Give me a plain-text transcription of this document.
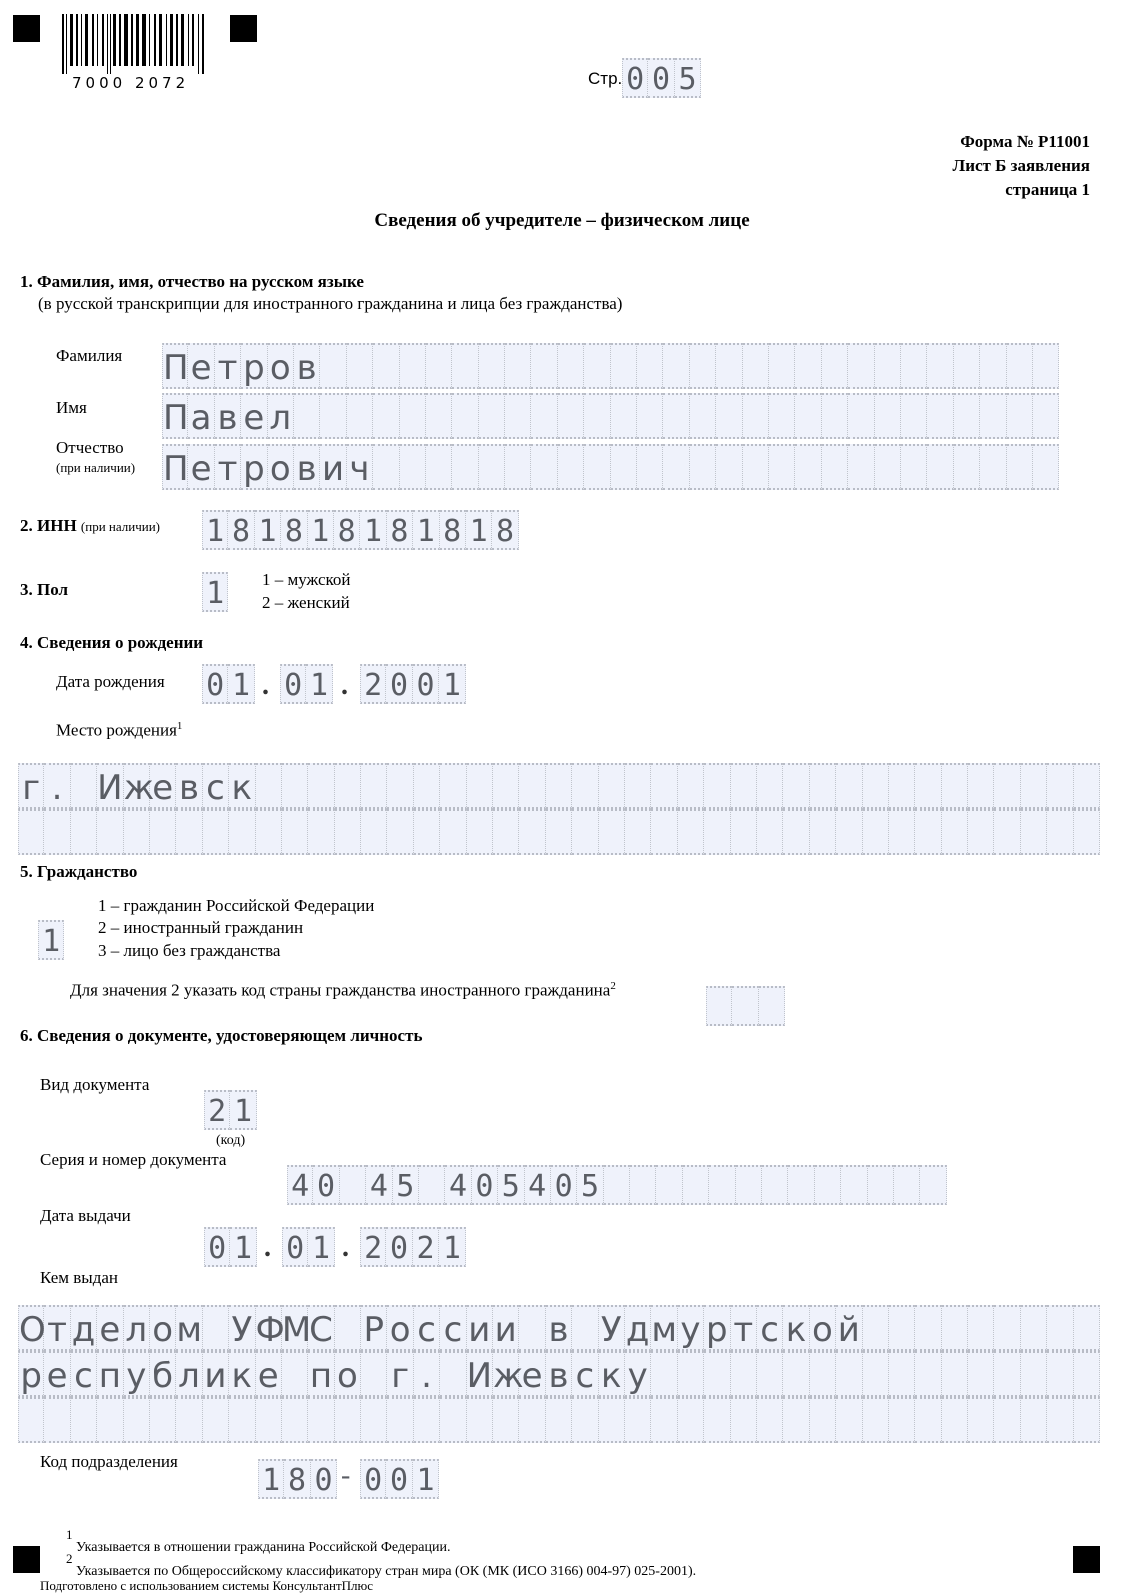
7000 2072	Стр. 0 0 5
Форма № Р11001
Лист Б заявления
страница 1
Сведения об учредителе – физическом лице
1. Фамилия, имя, отчество на русском языке
(в русской транскрипции для иностранного гражданина и лица без гражданства)
Фамилия П е т р о в
Имя П а в е л
Отчество
(при наличии) П е т р о в и ч
2. ИНН (при наличии) 1 8 1 8 1 8 1 8 1 8 1 8
3. Пол	1 1 – мужской
2 – женский
4. Сведения о рождении
Дата рождения 0 1 . 0 1 . 2 0 0 1
Место рождения$^1$
г . И ж
е в с к
5. Гражданство
1
1 – гражданин Российской Федерации
2 – иностранный гражданин
3 – лицо без гражданства
Для значения 2 указать код страны гражданства иностранного гражданина$^2$
6. Сведения о документе, удостоверяющем личность
Вид документа
2 1
(код)
Серия и номер документа
4 0 4 5 4 0 5 4 0 5
Дата выдачи
0 1 . 0 1 . 2 0 2 1
Кем выдан
О т д е л о м У Ф
М
С Р о с с и и в У д м у р т с к о й
р е с п у б л и к е п о г . И ж
е в с к у
Код подразделения
1 8 0 - 0 0 1
1
Указывается в отношении гражданина Российской Федерации.
2
Указывается по Общероссийскому классификатору стран мира (ОК (МК (ИСО 3166) 004-97) 025-2001).
Подготовлено с использованием системы КонсультантПлюс
